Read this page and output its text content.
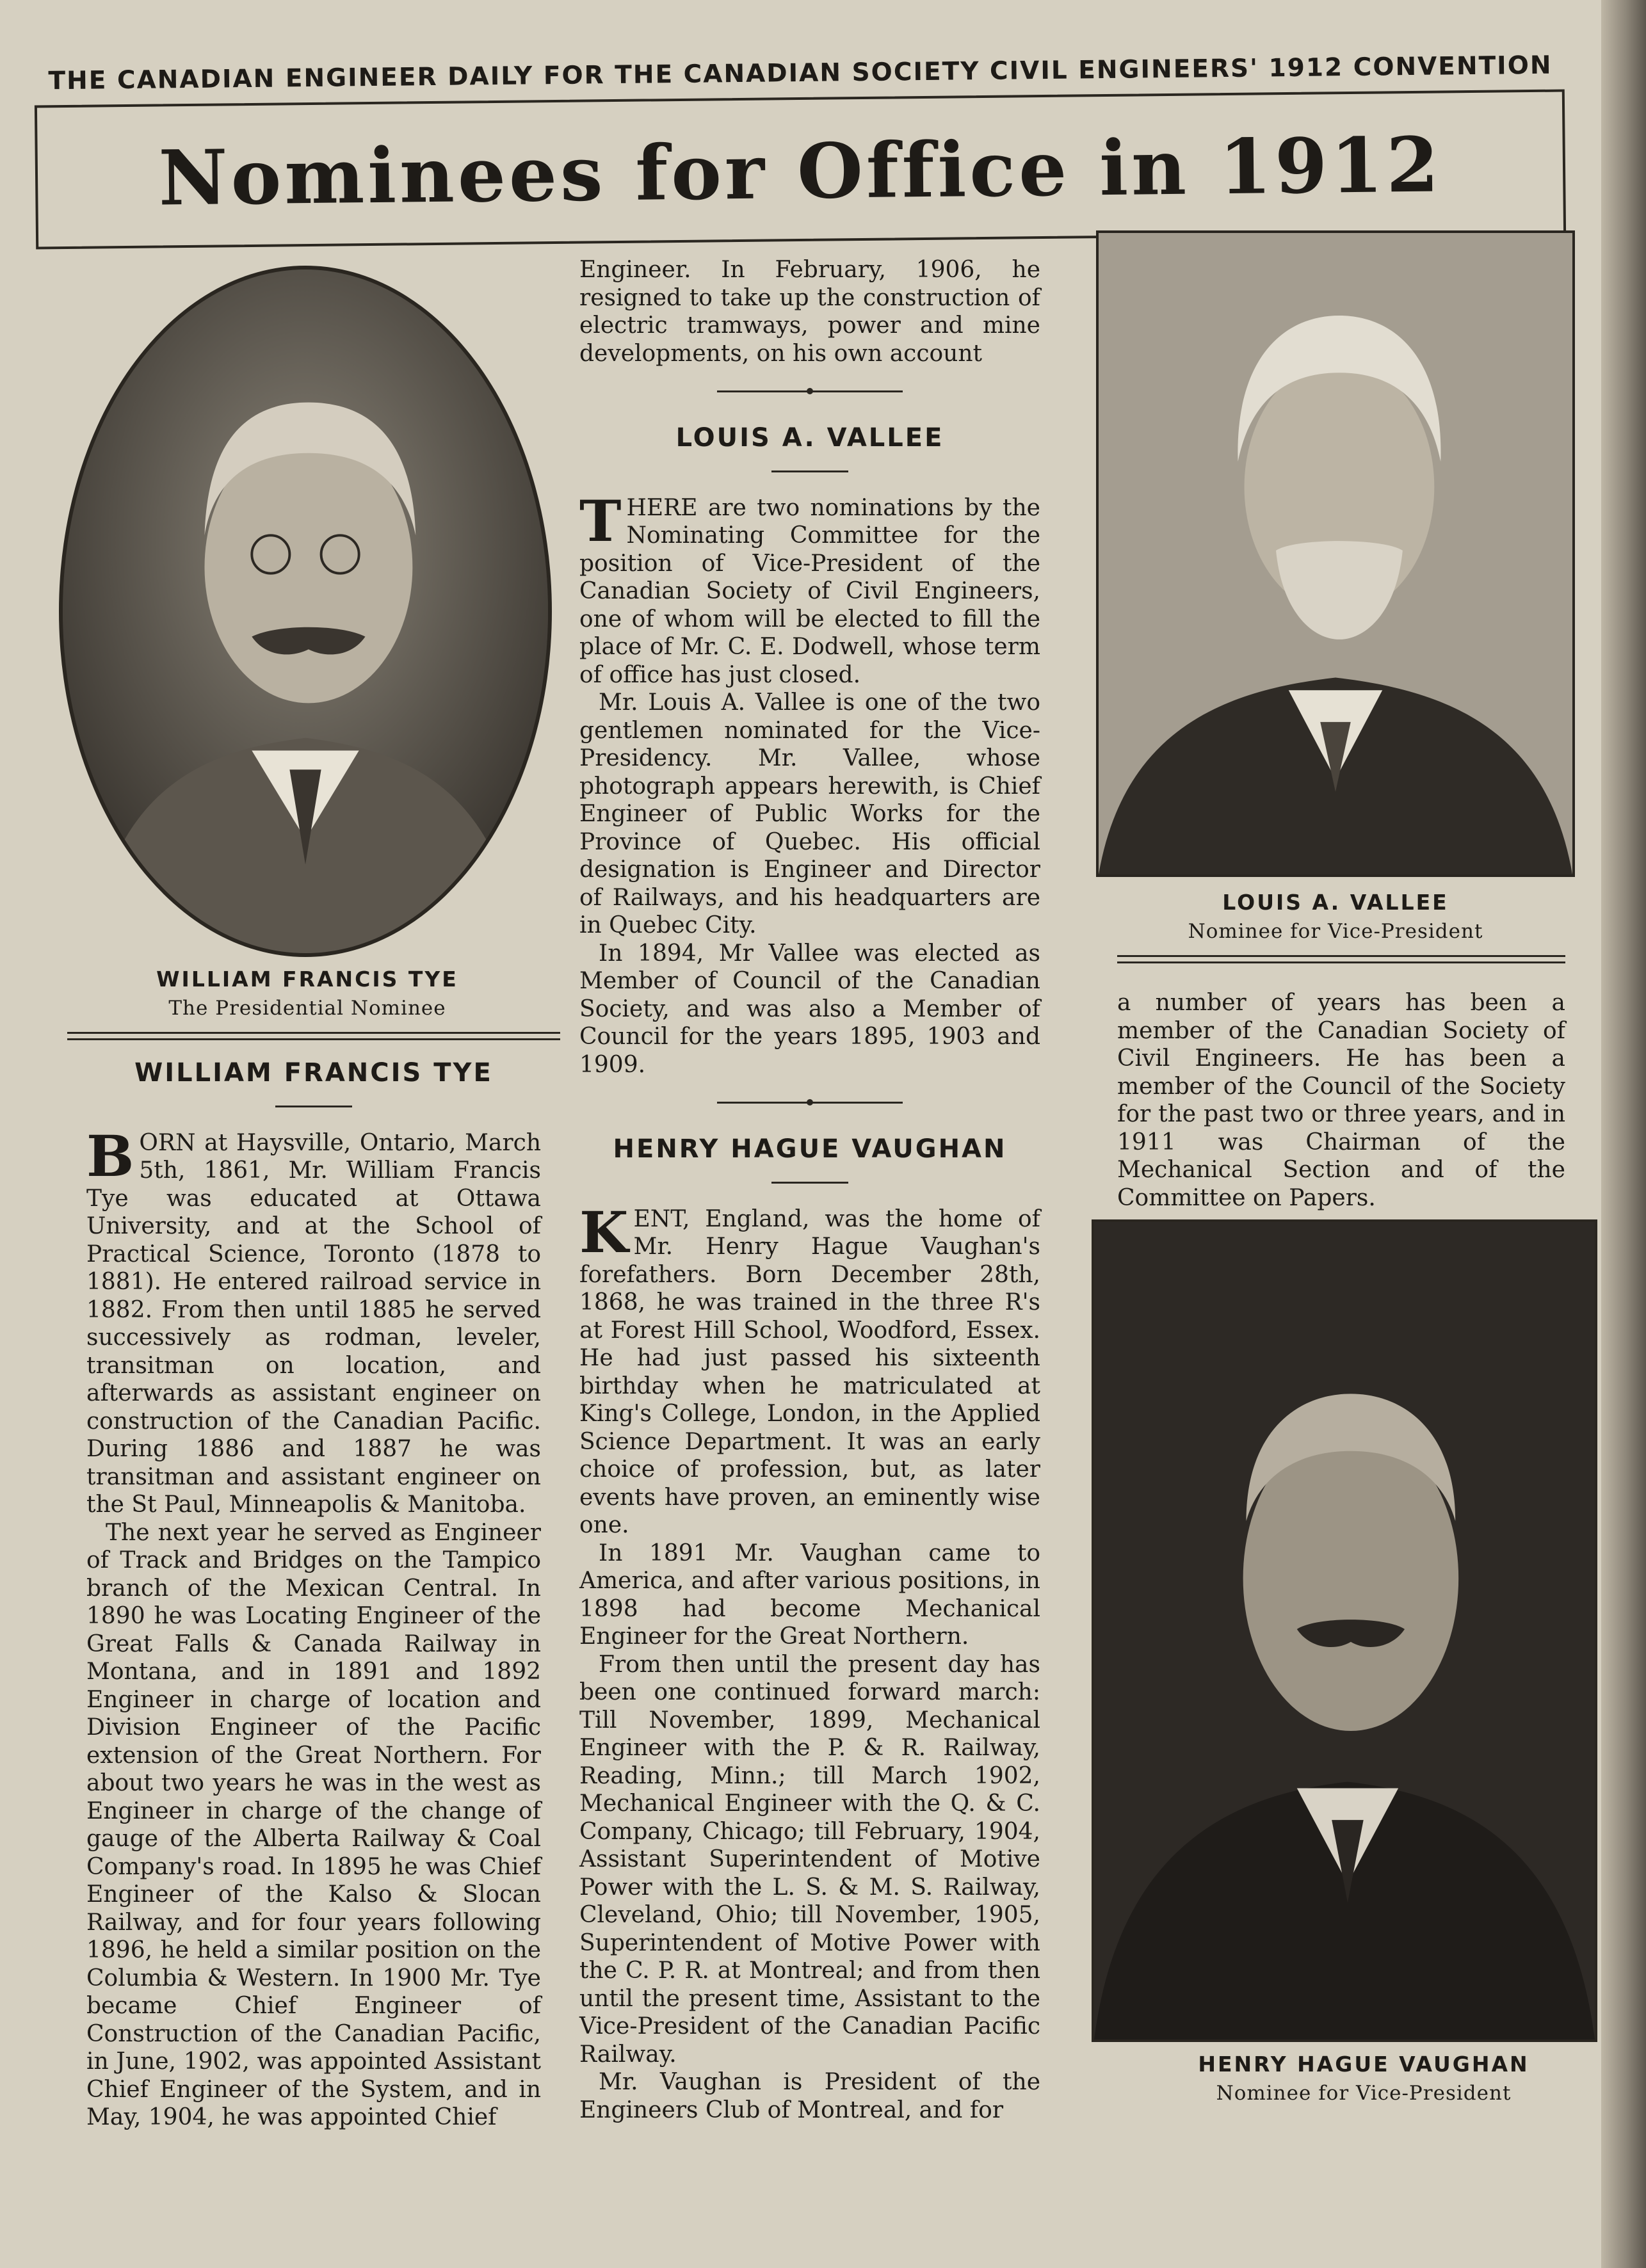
THE CANADIAN ENGINEER DAILY FOR THE CANADIAN SOCIETY CIVIL ENGINEERS' 1912 CONVENTION
Nominees for Office in 1912
WILLIAM FRANCIS TYE
The Presidential Nominee
WILLIAM FRANCIS TYE

BORN at Haysville, Ontario, March 5th, 1861, Mr. William Francis Tye was educated at Ottawa University, and at the School of Practical Science, Toronto (1878 to 1881). He entered railroad service in 1882. From then until 1885 he served successively as rodman, leveler, transitman on location, and afterwards as assistant engineer on construction of the Canadian Pacific. During 1886 and 1887 he was transitman and assistant engineer on the St Paul, Minneapolis & Manitoba.

The next year he served as Engineer of Track and Bridges on the Tampico branch of the Mexican Central. In 1890 he was Locating Engineer of the Great Falls & Canada Railway in Montana, and in 1891 and 1892 Engineer in charge of location and Division Engineer of the Pacific extension of the Great Northern. For about two years he was in the west as Engineer in charge of the change of gauge of the Alberta Railway & Coal Company's road. In 1895 he was Chief Engineer of the Kalso & Slocan Railway, and for four years following 1896, he held a similar position on the Columbia & Western. In 1900 Mr. Tye became Chief Engineer of Construction of the Canadian Pacific, in June, 1902, was appointed Assistant Chief Engineer of the System, and in May, 1904, he was appointed Chief

Engineer. In February, 1906, he resigned to take up the construction of electric tramways, power and mine developments, on his own account

LOUIS A. VALLEE

THERE are two nominations by the Nominating Committee for the position of Vice-President of the Canadian Society of Civil Engineers, one of whom will be elected to fill the place of Mr. C. E. Dodwell, whose term of office has just closed.

Mr. Louis A. Vallee is one of the two gentlemen nominated for the Vice-Presidency. Mr. Vallee, whose photograph appears herewith, is Chief Engineer of Public Works for the Province of Quebec. His official designation is Engineer and Director of Railways, and his headquarters are in Quebec City.

In 1894, Mr Vallee was elected as Member of Council of the Canadian Society, and was also a Member of Council for the years 1895, 1903 and 1909.

HENRY HAGUE VAUGHAN

KENT, England, was the home of Mr. Henry Hague Vaughan's forefathers. Born December 28th, 1868, he was trained in the three R's at Forest Hill School, Woodford, Essex. He had just passed his sixteenth birthday when he matriculated at King's College, London, in the Applied Science Department. It was an early choice of profession, but, as later events have proven, an eminently wise one.

In 1891 Mr. Vaughan came to America, and after various positions, in 1898 had become Mechanical Engineer for the Great Northern.

From then until the present day has been one continued forward march: Till November, 1899, Mechanical Engineer with the P. & R. Railway, Reading, Minn.; till March 1902, Mechanical Engineer with the Q. & C. Company, Chicago; till February, 1904, Assistant Superintendent of Motive Power with the L. S. & M. S. Railway, Cleveland, Ohio; till November, 1905, Superintendent of Motive Power with the C. P. R. at Montreal; and from then until the present time, Assistant to the Vice-President of the Canadian Pacific Railway.

Mr. Vaughan is President of the Engineers Club of Montreal, and for

LOUIS A. VALLEE
Nominee for Vice-President

a number of years has been a member of the Canadian Society of Civil Engineers. He has been a member of the Council of the Society for the past two or three years, and in 1911 was Chairman of the Mechanical Section and of the Committee on Papers.

HENRY HAGUE VAUGHAN
Nominee for Vice-President
